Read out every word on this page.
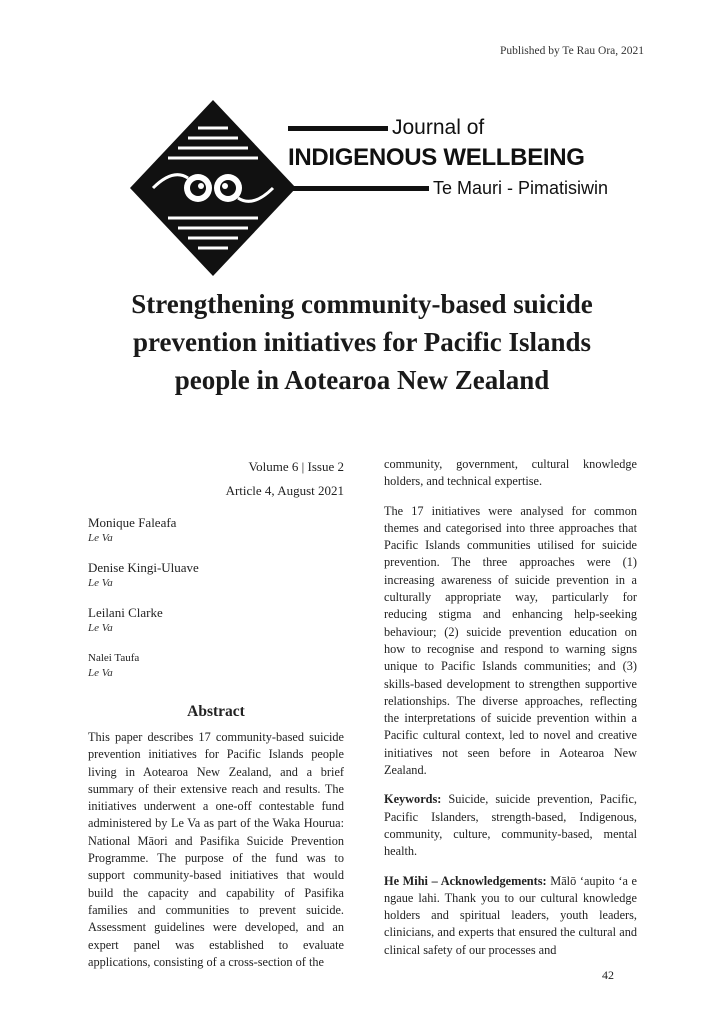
Published by Te Rau Ora, 2021
Journal of
INDIGENOUS WELLBEING
Te Mauri - Pimatisiwin
Strengthening community-based suicide prevention initiatives for Pacific Islands people in Aotearoa New Zealand
Volume 6 | Issue 2
Article 4, August 2021
Monique Faleafa
Le Va
Denise Kingi-Uluave
Le Va
Leilani Clarke
Le Va
Nalei Taufa
Le Va
Abstract
This paper describes 17 community-based suicide prevention initiatives for Pacific Islands people living in Aotearoa New Zealand, and a brief summary of their extensive reach and results. The initiatives underwent a one-off contestable fund administered by Le Va as part of the Waka Hourua: National Māori and Pasifika Suicide Prevention Programme. The purpose of the fund was to support community-based initiatives that would build the capacity and capability of Pasifika families and communities to prevent suicide. Assessment guidelines were developed, and an expert panel was established to evaluate applications, consisting of a cross-section of the

community, government, cultural knowledge holders, and technical expertise.

The 17 initiatives were analysed for common themes and categorised into three approaches that Pacific Islands communities utilised for suicide prevention. The three approaches were (1) increasing awareness of suicide prevention in a culturally appropriate way, particularly for reducing stigma and enhancing help-seeking behaviour; (2) suicide prevention education on how to recognise and respond to warning signs unique to Pacific Islands communities; and (3) skills-based development to strengthen supportive relationships. The diverse approaches, reflecting the interpretations of suicide prevention within a Pacific cultural context, led to novel and creative initiatives not seen before in Aotearoa New Zealand.

Keywords: Suicide, suicide prevention, Pacific, Pacific Islanders, strength-based, Indigenous, community, culture, community-based, mental health.

He Mihi – Acknowledgements: Mālō ʻaupito ʻa e ngaue lahi. Thank you to our cultural knowledge holders and spiritual leaders, youth leaders, clinicians, and experts that ensured the cultural and clinical safety of our processes and

42
